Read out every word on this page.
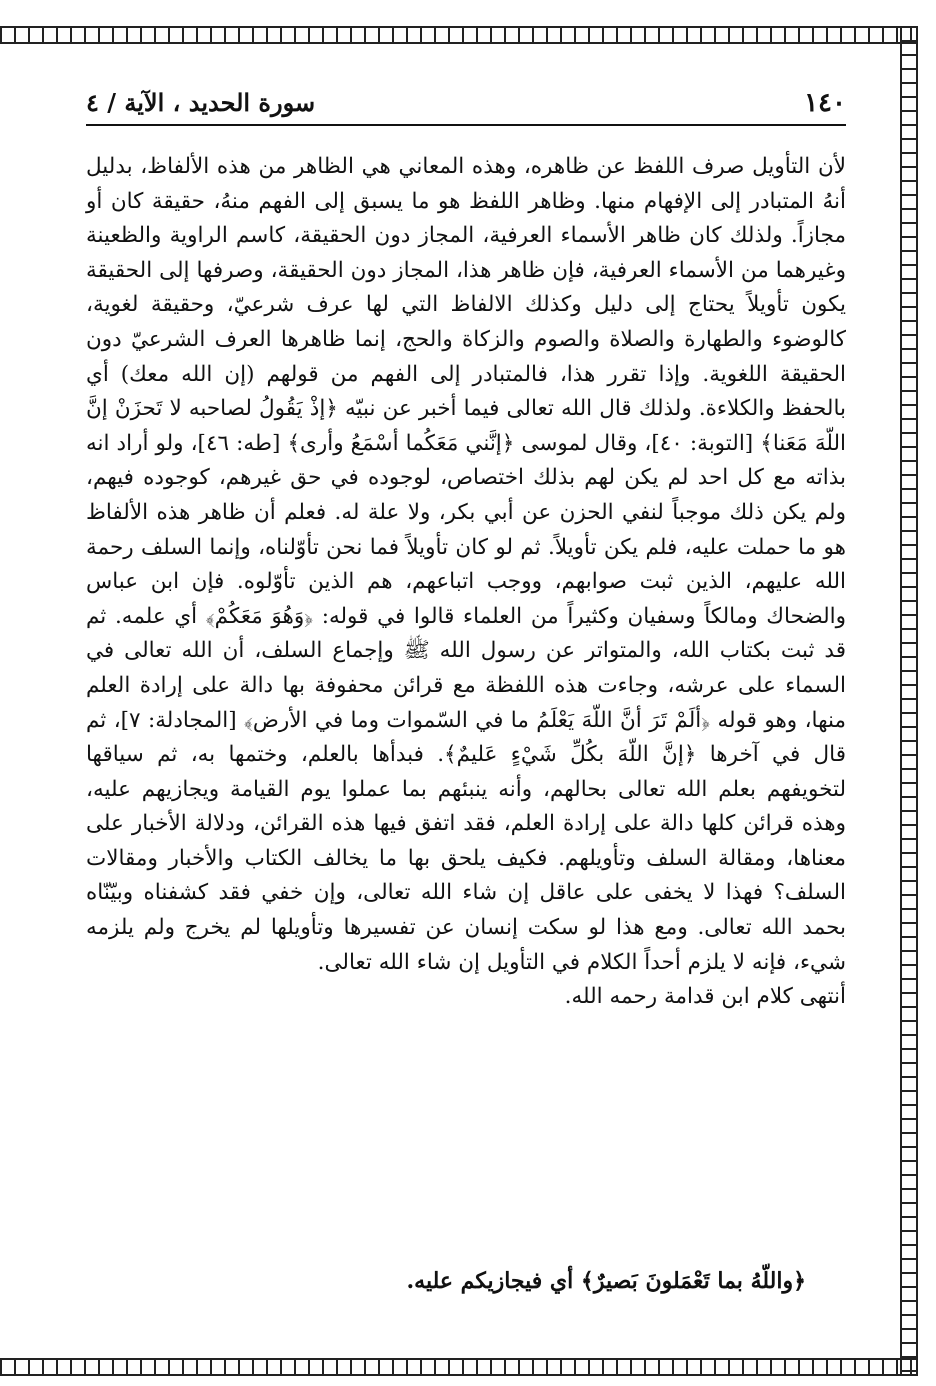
١٤٠
سورة الحديد ، الآية / ٤

لأن التأويل صرف اللفظ عن ظاهره، وهذه المعاني هي الظاهر من هذه الألفاظ، بدليل أنهُ المتبادر إلى الإفهام منها. وظاهر اللفظ هو ما يسبق إلى الفهم منهُ، حقيقة كان أو مجازاً. ولذلك كان ظاهر الأسماء العرفية، المجاز دون الحقيقة، كاسم الراوية والظعينة وغيرهما من الأسماء العرفية، فإن ظاهر هذا، المجاز دون الحقيقة، وصرفها إلى الحقيقة يكون تأويلاً يحتاج إلى دليل وكذلك الالفاظ التي لها عرف شرعيّ، وحقيقة لغوية، كالوضوء والطهارة والصلاة والصوم والزكاة والحج، إنما ظاهرها العرف الشرعيّ دون الحقيقة اللغوية. وإذا تقرر هذا، فالمتبادر إلى الفهم من قولهم (إن الله معك) أي بالحفظ والكلاءة. ولذلك قال الله تعالى فيما أخبر عن نبيّه ﴿إذْ يَقُولُ لصاحبه لا تَحزَنْ إنَّ اللّهَ مَعَنا﴾ [التوبة: ٤٠]، وقال لموسى ﴿إنَّني مَعَكُما أسْمَعُ وأرى﴾ [طه: ٤٦]، ولو أراد انه بذاته مع كل احد لم يكن لهم بذلك اختصاص، لوجوده في حق غيرهم، كوجوده فيهم، ولم يكن ذلك موجباً لنفي الحزن عن أبي بكر، ولا علة له. فعلم أن ظاهر هذه الألفاظ هو ما حملت عليه، فلم يكن تأويلاً. ثم لو كان تأويلاً فما نحن تأوّلناه، وإنما السلف رحمة الله عليهم، الذين ثبت صوابهم، ووجب اتباعهم، هم الذين تأوّلوه. فإن ابن عباس والضحاك ومالكاً وسفيان وكثيراً من العلماء قالوا في قوله: ﴿وَهُوَ مَعَكُمْ﴾ أي علمه. ثم قد ثبت بكتاب الله، والمتواتر عن رسول الله ﷺ وإجماع السلف، أن الله تعالى في السماء على عرشه، وجاءت هذه اللفظة مع قرائن محفوفة بها دالة على إرادة العلم منها، وهو قوله ﴿ألَمْ تَرَ أنَّ اللّهَ يَعْلَمُ ما في السّموات وما في الأرض﴾ [المجادلة: ٧]، ثم قال في آخرها ﴿إنَّ اللّهَ بكُلِّ شَيْءٍ عَليمٌ﴾. فبدأها بالعلم، وختمها به، ثم سياقها لتخويفهم بعلم الله تعالى بحالهم، وأنه ينبئهم بما عملوا يوم القيامة ويجازيهم عليه، وهذه قرائن كلها دالة على إرادة العلم، فقد اتفق فيها هذه القرائن، ودلالة الأخبار على معناها، ومقالة السلف وتأويلهم. فكيف يلحق بها ما يخالف الكتاب والأخبار ومقالات السلف؟ فهذا لا يخفى على عاقل إن شاء الله تعالى، وإن خفي فقد كشفناه وبيّنّاه بحمد الله تعالى. ومع هذا لو سكت إنسان عن تفسيرها وتأويلها لم يخرج ولم يلزمه شيء، فإنه لا يلزم أحداً الكلام في التأويل إن شاء الله تعالى.

أنتهى كلام ابن قدامة رحمه الله.

﴿واللّهُ بما تَعْمَلونَ بَصيرٌ﴾ أي فيجازيكم عليه.
